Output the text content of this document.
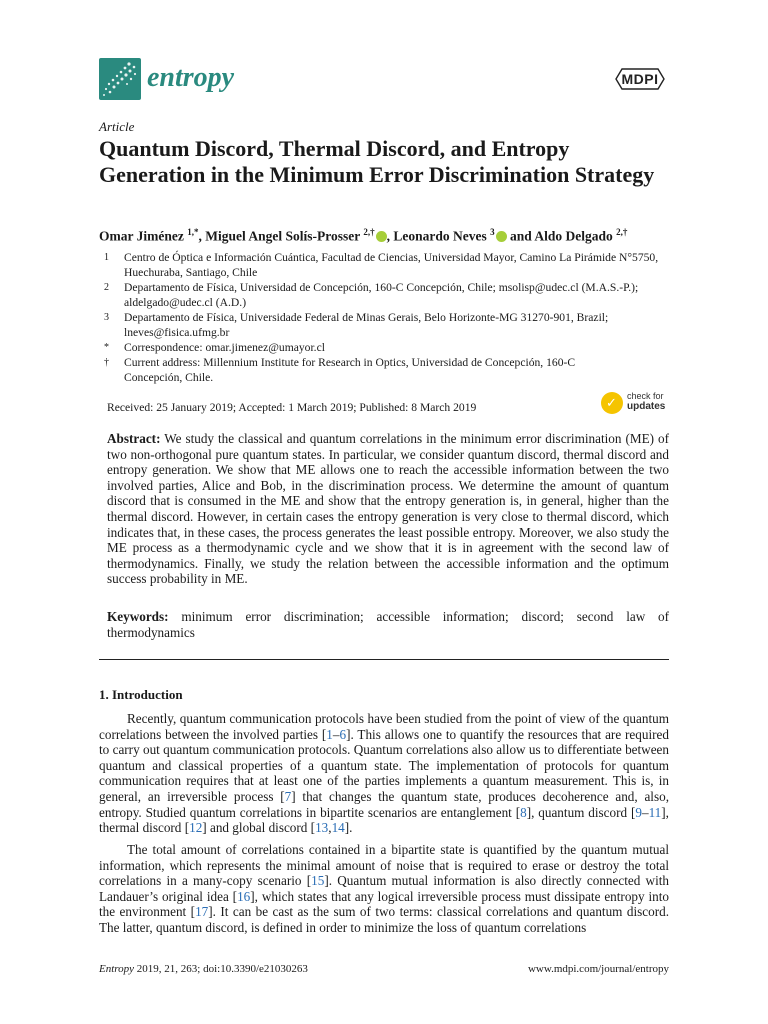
entropy	MDPI
Article
Quantum Discord, Thermal Discord, and Entropy Generation in the Minimum Error Discrimination Strategy
Omar Jiménez $^{1,*}$, Miguel Angel Solís-Prosser $^{2,\dagger}$ , Leonardo Neves $^3$ and Aldo Delgado $^{2,\dagger}$
1 Centro de Óptica e Información Cuántica, Facultad de Ciencias, Universidad Mayor, Camino La Pirámide N°5750, Huechuraba, Santiago, Chile
2 Departamento de Física, Universidad de Concepción, 160-C Concepción, Chile; msolisp@udec.cl (M.A.S.-P.); aldelgado@udec.cl (A.D.)
3 Departamento de Física, Universidade Federal de Minas Gerais, Belo Horizonte-MG 31270-901, Brazil; lneves@fisica.ufmg.br
* Correspondence: omar.jimenez@umayor.cl
† Current address: Millennium Institute for Research in Optics, Universidad de Concepción, 160-C Concepción, Chile.
Received: 25 January 2019; Accepted: 1 March 2019; Published: 8 March 2019	✓ check for
updates
Abstract: We study the classical and quantum correlations in the minimum error discrimination (ME) of two non-orthogonal pure quantum states. In particular, we consider quantum discord, thermal discord and entropy generation. We show that ME allows one to reach the accessible information between the two involved parties, Alice and Bob, in the discrimination process. We determine the amount of quantum discord that is consumed in the ME and show that the entropy generation is, in general, higher than the thermal discord. However, in certain cases the entropy generation is very close to thermal discord, which indicates that, in these cases, the process generates the least possible entropy. Moreover, we also study the ME process as a thermodynamic cycle and we show that it is in agreement with the second law of thermodynamics. Finally, we study the relation between the accessible information and the optimum success probability in ME.
Keywords: minimum error discrimination; accessible information; discord; second law of thermodynamics
1. Introduction
Recently, quantum communication protocols have been studied from the point of view of the quantum correlations between the involved parties [1–6]. This allows one to quantify the resources that are required to carry out quantum communication protocols. Quantum correlations also allow us to differentiate between quantum and classical properties of a quantum state. The implementation of protocols for quantum communication requires that at least one of the parties implements a quantum measurement. This is, in general, an irreversible process [7] that changes the quantum state, produces decoherence and, also, entropy. Studied quantum correlations in bipartite scenarios are entanglement [8], quantum discord [9–11], thermal discord [12] and global discord [13,14].
The total amount of correlations contained in a bipartite state is quantified by the quantum mutual information, which represents the minimal amount of noise that is required to erase or destroy the total correlations in a many-copy scenario [15]. Quantum mutual information is also directly connected with Landauer’s original idea [16], which states that any logical irreversible process must dissipate entropy into the environment [17]. It can be cast as the sum of two terms: classical correlations and quantum discord. The latter, quantum discord, is defined in order to minimize the loss of quantum correlations
Entropy 2019, 21, 263; doi:10.3390/e21030263	www.mdpi.com/journal/entropy
